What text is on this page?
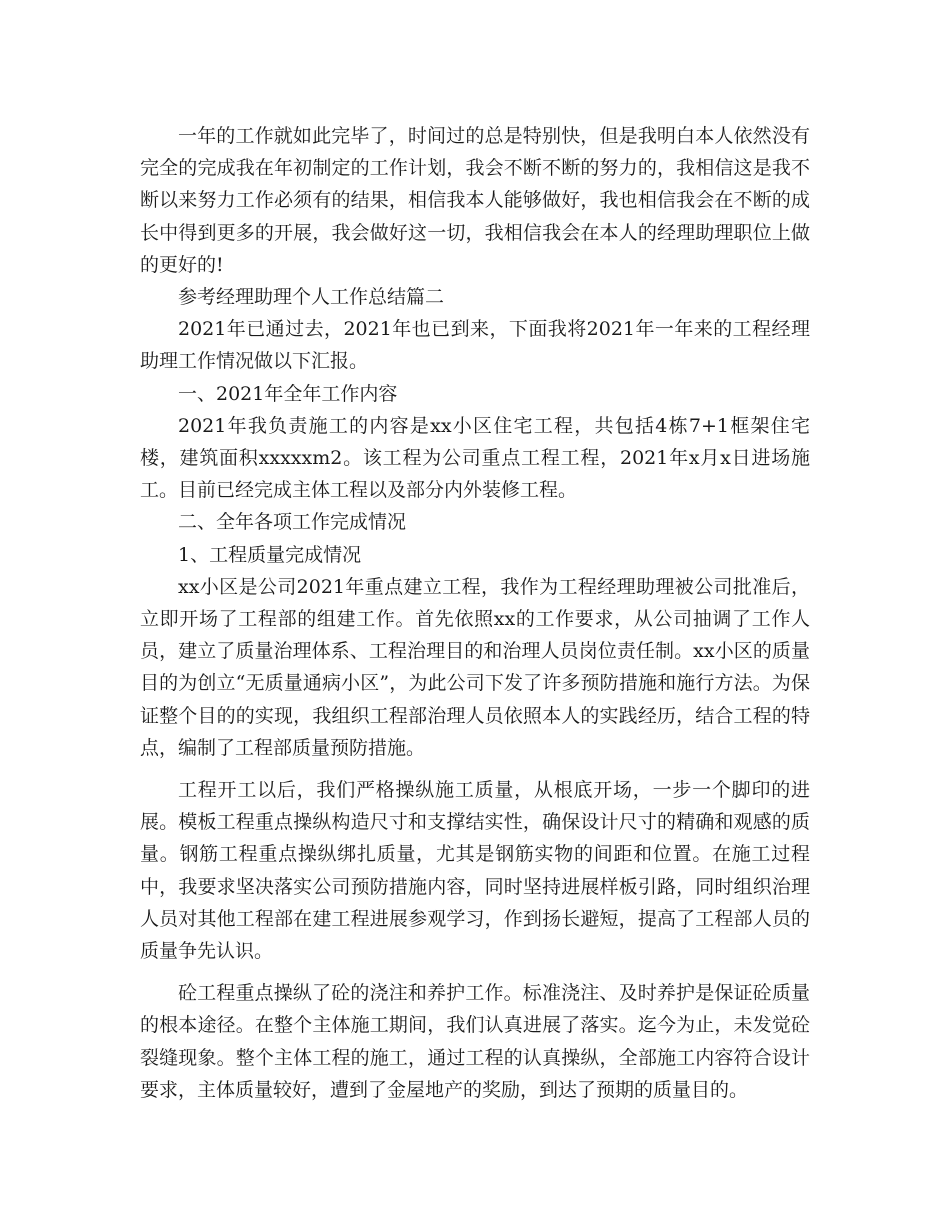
一年的工作就如此完毕了，时间过的总是特别快，但是我明白本人依然没有完全的完成我在年初制定的工作计划，我会不断不断的努力的，我相信这是我不断以来努力工作必须有的结果，相信我本人能够做好，我也相信我会在不断的成长中得到更多的开展，我会做好这一切，我相信我会在本人的经理助理职位上做的更好的!

参考经理助理个人工作总结篇二

2021年已通过去，2021年也已到来，下面我将2021年一年来的工程经理助理工作情况做以下汇报。

一、2021年全年工作内容

2021年我负责施工的内容是xx小区住宅工程，共包括4栋7+1框架住宅楼，建筑面积xxxxxm2。该工程为公司重点工程工程，2021年x月x日进场施工。目前已经完成主体工程以及部分内外装修工程。

二、全年各项工作完成情况

1、工程质量完成情况

xx小区是公司2021年重点建立工程，我作为工程经理助理被公司批准后，立即开场了工程部的组建工作。首先依照xx的工作要求，从公司抽调了工作人员，建立了质量治理体系、工程治理目的和治理人员岗位责任制。xx小区的质量目的为创立“无质量通病小区”，为此公司下发了许多预防措施和施行方法。为保证整个目的的实现，我组织工程部治理人员依照本人的实践经历，结合工程的特点，编制了工程部质量预防措施。

工程开工以后，我们严格操纵施工质量，从根底开场，一步一个脚印的进展。模板工程重点操纵构造尺寸和支撑结实性，确保设计尺寸的精确和观感的质量。钢筋工程重点操纵绑扎质量，尤其是钢筋实物的间距和位置。在施工过程中，我要求坚决落实公司预防措施内容，同时坚持进展样板引路，同时组织治理人员对其他工程部在建工程进展参观学习，作到扬长避短，提高了工程部人员的质量争先认识。

砼工程重点操纵了砼的浇注和养护工作。标准浇注、及时养护是保证砼质量的根本途径。在整个主体施工期间，我们认真进展了落实。迄今为止，未发觉砼裂缝现象。整个主体工程的施工，通过工程的认真操纵，全部施工内容符合设计要求，主体质量较好，遭到了金屋地产的奖励，到达了预期的质量目的。
